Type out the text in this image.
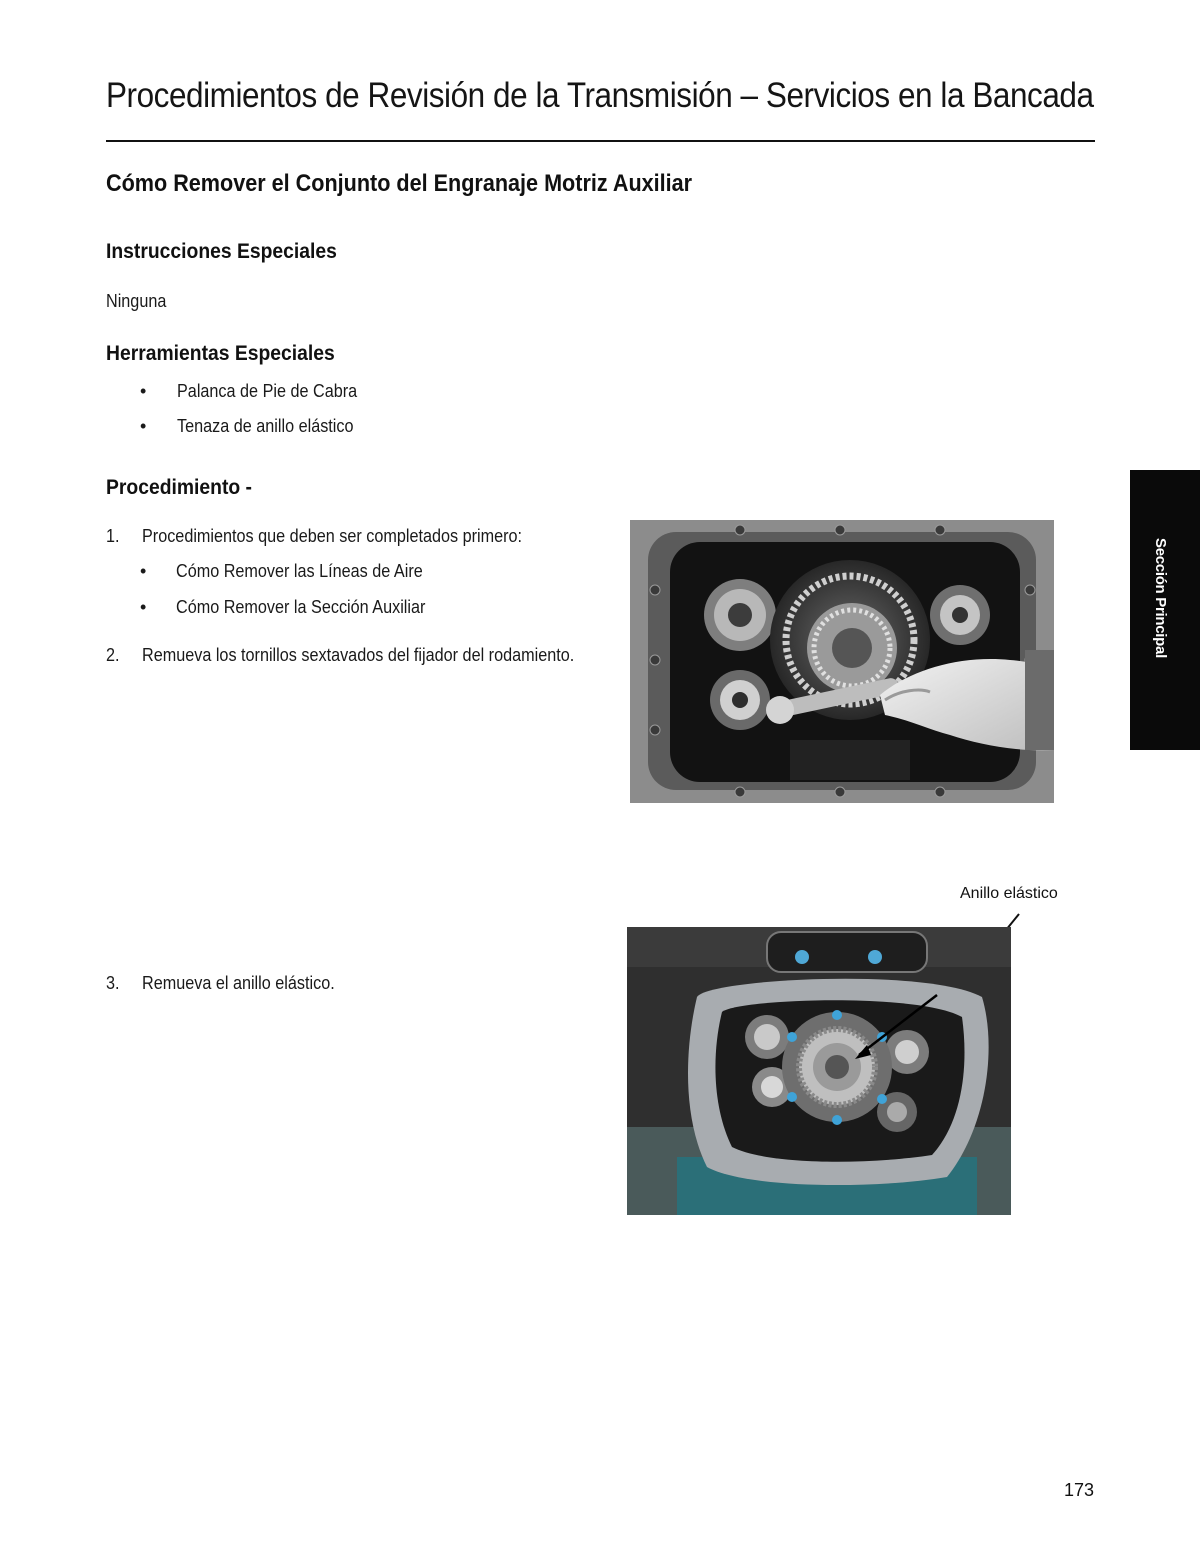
Procedimientos de Revisión de la Transmisión – Servicios en la Bancada
Cómo Remover el Conjunto del Engranaje Motriz Auxiliar
Instrucciones Especiales
Ninguna
Herramientas Especiales
• Palanca de Pie de Cabra
• Tenaza de anillo elástico
Procedimiento -
1. Procedimientos que deben ser completados primero:
• Cómo Remover las Líneas de Aire
• Cómo Remover la Sección Auxiliar
2. Remueva los tornillos sextavados del fijador del rodamiento.
3. Remueva el anillo elástico.
Anillo elástico
Sección Principal
173
